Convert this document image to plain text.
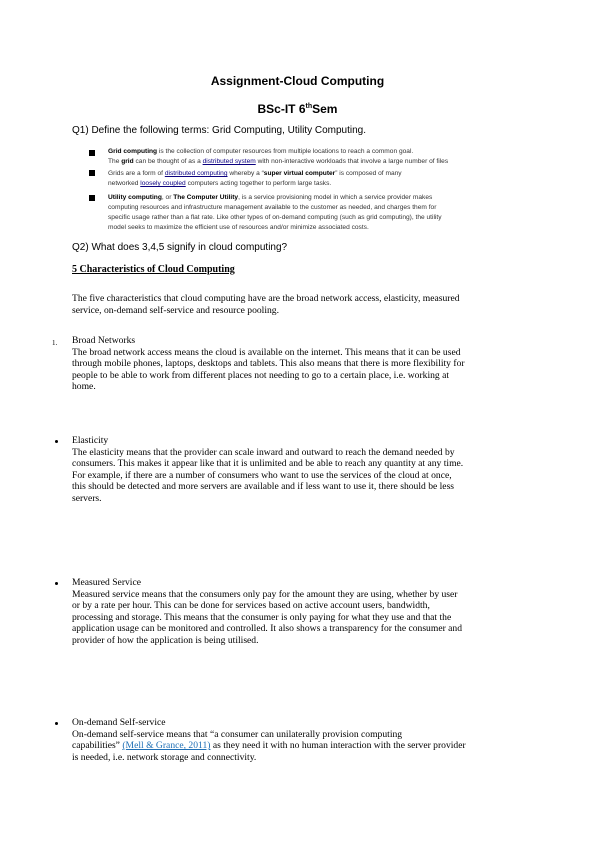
Assignment-Cloud Computing
BSc-IT 6thSem
Q1) Define the following terms: Grid Computing, Utility Computing.
Grid computing is the collection of computer resources from multiple locations to reach a common goal.
The grid can be thought of as a distributed system with non-interactive workloads that involve a large number of files
Grids are a form of distributed computing whereby a “super virtual computer” is composed of many
networked loosely coupled computers acting together to perform large tasks.
Utility computing, or The Computer Utility, is a service provisioning model in which a service provider makes
computing resources and infrastructure management available to the customer as needed, and charges them for
specific usage rather than a flat rate. Like other types of on-demand computing (such as grid computing), the utility
model seeks to maximize the efficient use of resources and/or minimize associated costs.
Q2) What does 3,4,5 signify in cloud computing?
5 Characteristics of Cloud Computing
The five characteristics that cloud computing have are the broad network access, elasticity, measured
service, on-demand self-service and resource pooling.
1. Broad Networks
The broad network access means the cloud is available on the internet. This means that it can be used
through mobile phones, laptops, desktops and tablets. This also means that there is more flexibility for
people to be able to work from different places not needing to go to a certain place, i.e. working at
home.
Elasticity
The elasticity means that the provider can scale inward and outward to reach the demand needed by
consumers. This makes it appear like that it is unlimited and be able to reach any quantity at any time.
For example, if there are a number of consumers who want to use the services of the cloud at once,
this should be detected and more servers are available and if less want to use it, there should be less
servers.
Measured Service
Measured service means that the consumers only pay for the amount they are using, whether by user
or by a rate per hour. This can be done for services based on active account users, bandwidth,
processing and storage. This means that the consumer is only paying for what they use and that the
application usage can be monitored and controlled. It also shows a transparency for the consumer and
provider of how the application is being utilised.
On-demand Self-service
On-demand self-service means that “a consumer can unilaterally provision computing
capabilities” (Mell & Grance, 2011) as they need it with no human interaction with the server provider
is needed, i.e. network storage and connectivity.
